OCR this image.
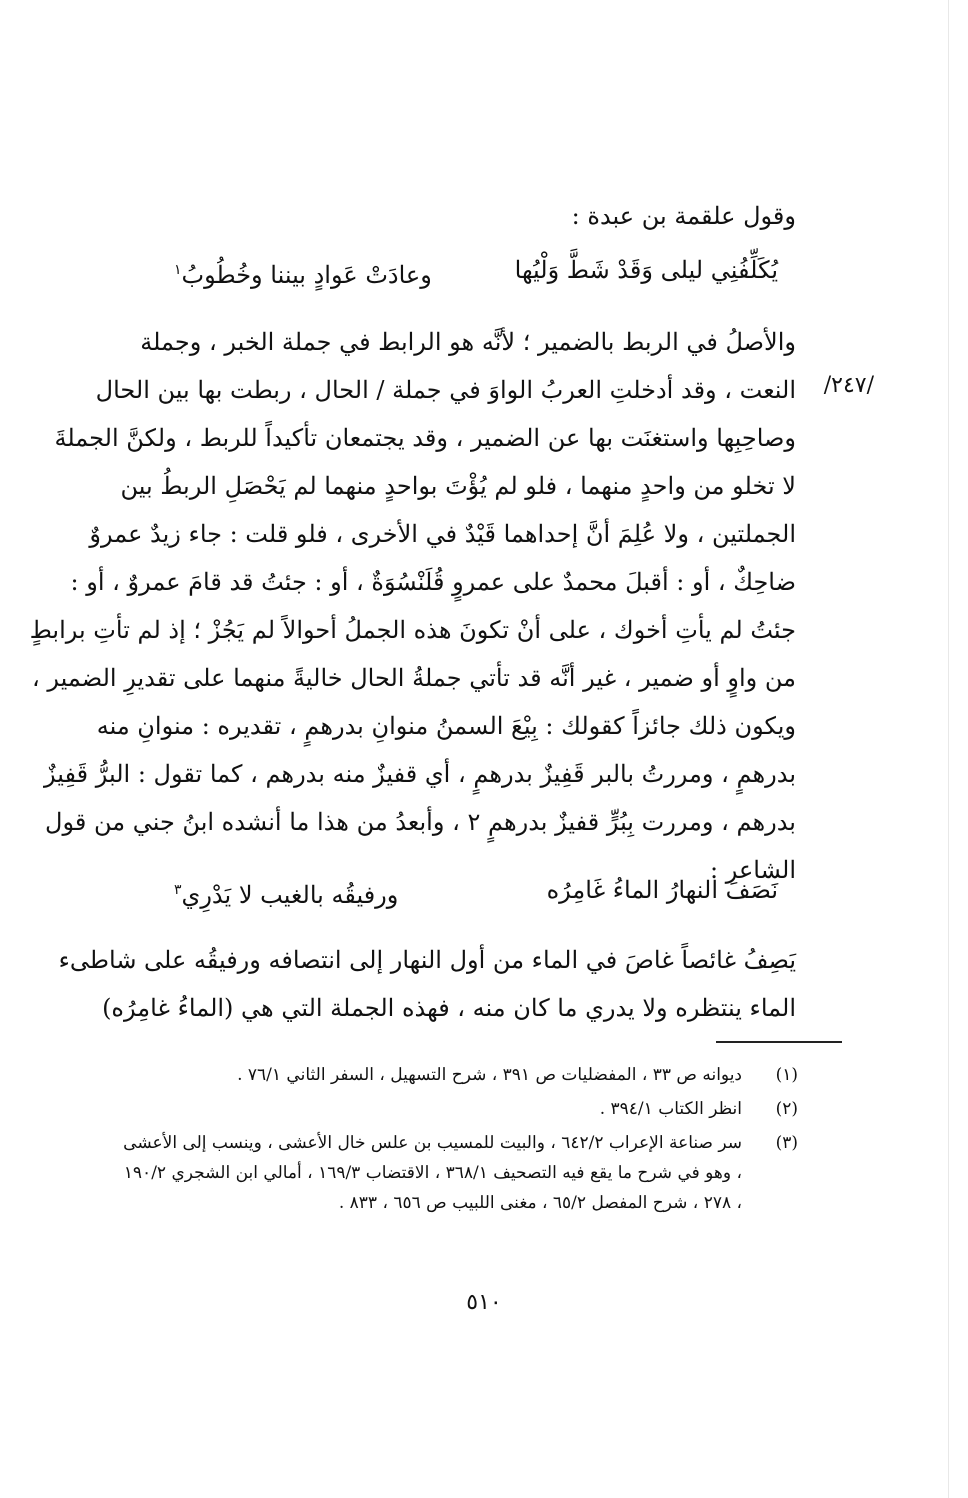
وقول علقمة بن عبدة :
يُكَلِّفُنِي ليلى وَقَدْ شَطَّ وَلْيُها
وعادَتْ عَوادٍ بيننا وخُطُوبُ$^١$
/٢٤٧/
والأصلُ في الربط بالضمير ؛ لأنَّه هو الرابط في جملة الخبر ، وجملة
النعت ، وقد أدخلتِ العربُ الواوَ في جملة / الحال ، ربطت بها بين الحال
وصاحِبِها واستغنَت بها عن الضمير ، وقد يجتمعان تأكيداً للربط ، ولكنَّ الجملةَ
لا تخلو من واحدٍ منهما ، فلو لم يُؤْتَ بواحدٍ منهما لم يَحْصَلِ الربطُ بين
الجملتين ، ولا عُلِمَ أنَّ إحداهما قَيْدٌ في الأخرى ، فلو قلت : جاء زيدٌ عمروٌ
ضاحِكٌ ، أو : أقبلَ محمدٌ على عمروٍ قُلَنْسُوَةٌ ، أو : جئتُ قد قامَ عمروٌ ، أو :
جئتُ لم يأتِ أخوك ، على أنْ تكونَ هذه الجملُ أحوالاً لم يَجُزْ ؛ إذ لم تأتِ برابطٍ
من واوٍ أو ضمير ، غير أنَّه قد تأتي جملةُ الحال خاليةً منهما على تقديرِ الضمير ،
ويكون ذلك جائزاً كقولك : بِيْعَ السمنُ منوانِ بدرهمٍ ، تقديره : منوانِ منه
بدرهمٍ ، ومررتُ بالبر قَفِيزٌ بدرهمٍ ، أي قفيزٌ منه بدرهم ، كما تقول : البرُّ قَفِيزٌ
بدرهم ، ومررت بِبُرٍّ قفيزٌ بدرهمٍ ٢ ، وأبعدُ من هذا ما أنشده ابنُ جني من قول
الشاعر :
نَصَفَ النهارُ الماءُ غَامِرُه
ورفيقُه بالغيب لا يَدْرِي$^٣$
يَصِفُ غائصاً غاصَ في الماء من أول النهار إلى انتصافه ورفيقُه على شاطىء
الماء ينتظره ولا يدري ما كان منه ، فهذه الجملة التي هي (الماءُ غامِرُه)
(١)
ديوانه ص ٣٣ ، المفضليات ص ٣٩١ ، شرح التسهيل ، السفر الثاني ٧٦/١ .
(٢)
انظر الكتاب ٣٩٤/١ .
(٣)
سر صناعة الإعراب ٦٤٢/٢ ، والبيت للمسيب بن علس خال الأعشى ، وينسب إلى الأعشى ، وهو في شرح ما يقع فيه التصحيف ٣٦٨/١ ، الاقتضاب ١٦٩/٣ ، أمالي ابن الشجري ١٩٠/٢ ، ٢٧٨ ، شرح المفصل ٦٥/٢ ، مغنى اللبيب ص ٦٥٦ ، ٨٣٣ .
٥١٠
